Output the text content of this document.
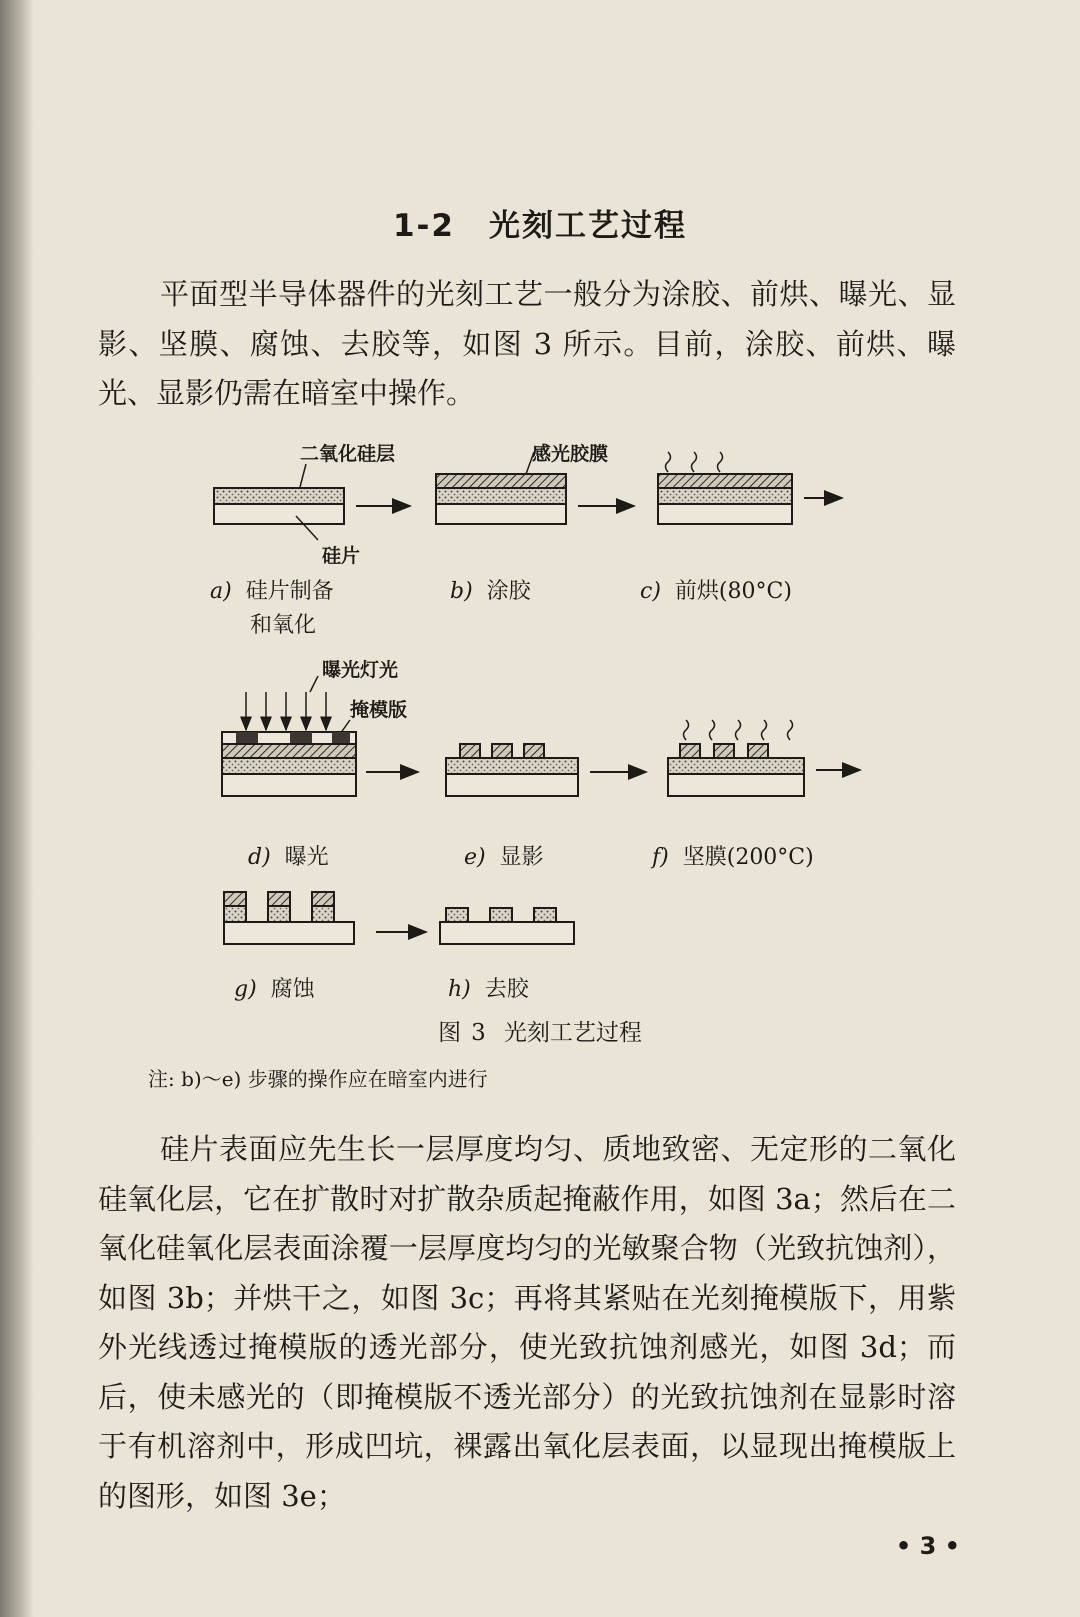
1-2 光刻工艺过程

平面型半导体器件的光刻工艺一般分为涂胶、前烘、曝光、显影、坚膜、腐蚀、去胶等，如图 3 所示。目前，涂胶、前烘、曝光、显影仍需在暗室中操作。

二氧化硅层
硅片
感光胶膜
a) 硅片制备
和氧化
b) 涂胶	c) 前烘(80°C)
曝光灯光
掩模版
d) 曝光	e) 显影	f) 坚膜(200°C)
g) 腐蚀	h) 去胶
图 3 光刻工艺过程
注: b)～e) 步骤的操作应在暗室内进行

硅片表面应先生长一层厚度均匀、质地致密、无定形的二氧化硅氧化层，它在扩散时对扩散杂质起掩蔽作用，如图 3a；然后在二氧化硅氧化层表面涂覆一层厚度均匀的光敏聚合物（光致抗蚀剂），如图 3b；并烘干之，如图 3c；再将其紧贴在光刻掩模版下，用紫外光线透过掩模版的透光部分，使光致抗蚀剂感光，如图 3d；而后，使未感光的（即掩模版不透光部分）的光致抗蚀剂在显影时溶于有机溶剂中，形成凹坑，裸露出氧化层表面，以显现出掩模版上的图形，如图 3e；

• 3 •
